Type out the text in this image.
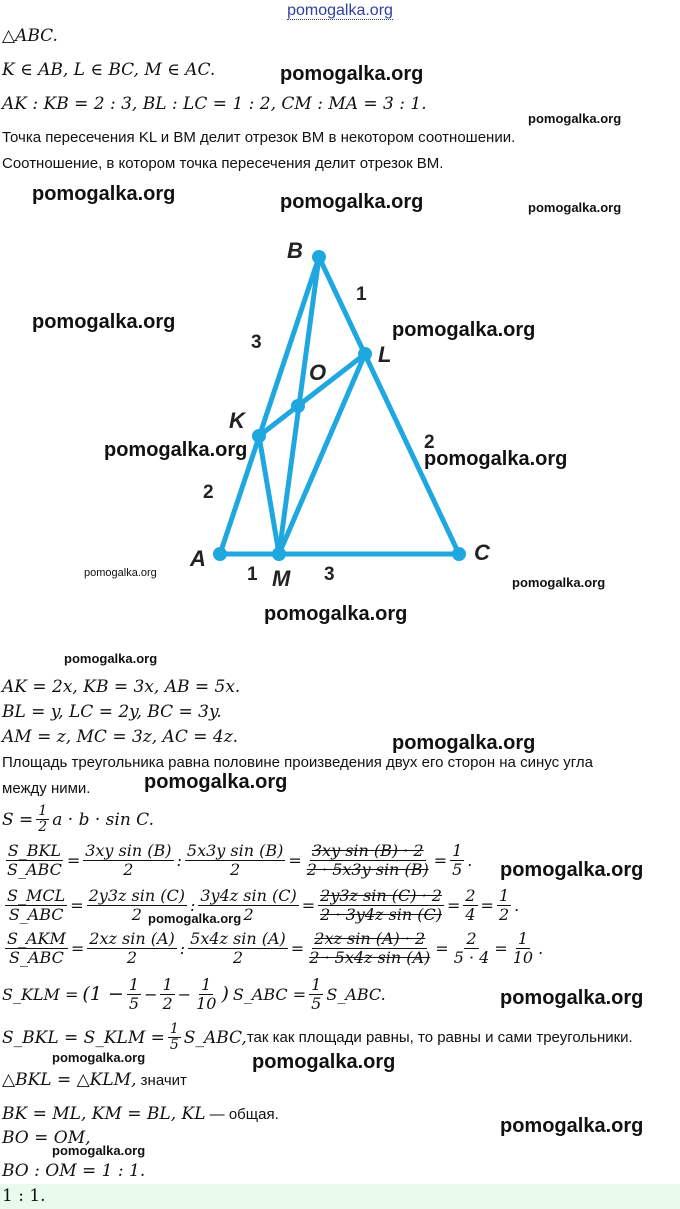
pomogalka.org
△ABC.
K ∈ AB, L ∈ BC, M ∈ AC.
AK : KB = 2 : 3, BL : LC = 1 : 2, CM : MA = 3 : 1.
Точка пересечения KL и BM делит отрезок BM в некотором соотношении.
Соотношение, в котором точка пересечения делит отрезок BM.
pomogalka.org
pomogalka.org
pomogalka.org	pomogalka.org	pomogalka.org
B
L
O
K
A
M
C
1
3
2
2
1	3
pomogalka.org	pomogalka.org
pomogalka.org	pomogalka.org
pomogalka.org
pomogalka.org
pomogalka.org
pomogalka.org
AK = 2x, KB = 3x, AB = 5x.
BL = y, LC = 2y, BC = 3y.
AM = z, MC = 3z, AC = 4z.	pomogalka.org
Площадь треугольника равна половине произведения двух его сторон на синус угла
между ними.	pomogalka.org
$S = \frac{1}{2}$ a · b · sin C.
$\frac{\text{S\_BKL}}{\text{S\_ABC}} = \frac{\text{3xy sin (B)}}{2}$ : $\frac{\text{5x3y sin (B)}}{2} = \frac{\text{3xy sin (B) · 2}}{\text{2 · 5x3y sin (B)}} = \frac{1}{5}$ . pomogalka.org
$\frac{\text{S\_MCL}}{\text{S\_ABC}} = \frac{\text{2y3z sin (C)}}{2}$ : $\frac{\text{3y4z sin (C)}}{2} = \frac{\text{2y3z sin (C) · 2}}{\text{2 · 3y4z sin (C)}} = \frac{2}{4} = \frac{1}{2}$ .
pomogalka.org
$\frac{\text{S\_AKM}}{\text{S\_ABC}} = \frac{\text{2xz sin (A)}}{2}$ : $\frac{\text{5x4z sin (A)}}{2} = \frac{\text{2xz sin (A) · 2}}{\text{2 · 5x4z sin (A)}} = \frac{2}{5 \cdot 4} = \frac{1}{10}$ .
S_KLM = ($1 - \frac{1}{5} - \frac{1}{2} - \frac{1}{10}$ ) S_ABC = $\frac{1}{5}$ S_ABC.	pomogalka.org
S_BKL = S_KLM = $\frac{1}{5}$ S_ABC, так как площади равны, то равны и сами треугольники.
pomogalka.org	pomogalka.org
△BKL = △KLM, значит
BK = ML, KM = BL, KL — общая.
pomogalka.org
BO = OM,
pomogalka.org
BO : OM = 1 : 1.
1 : 1.
